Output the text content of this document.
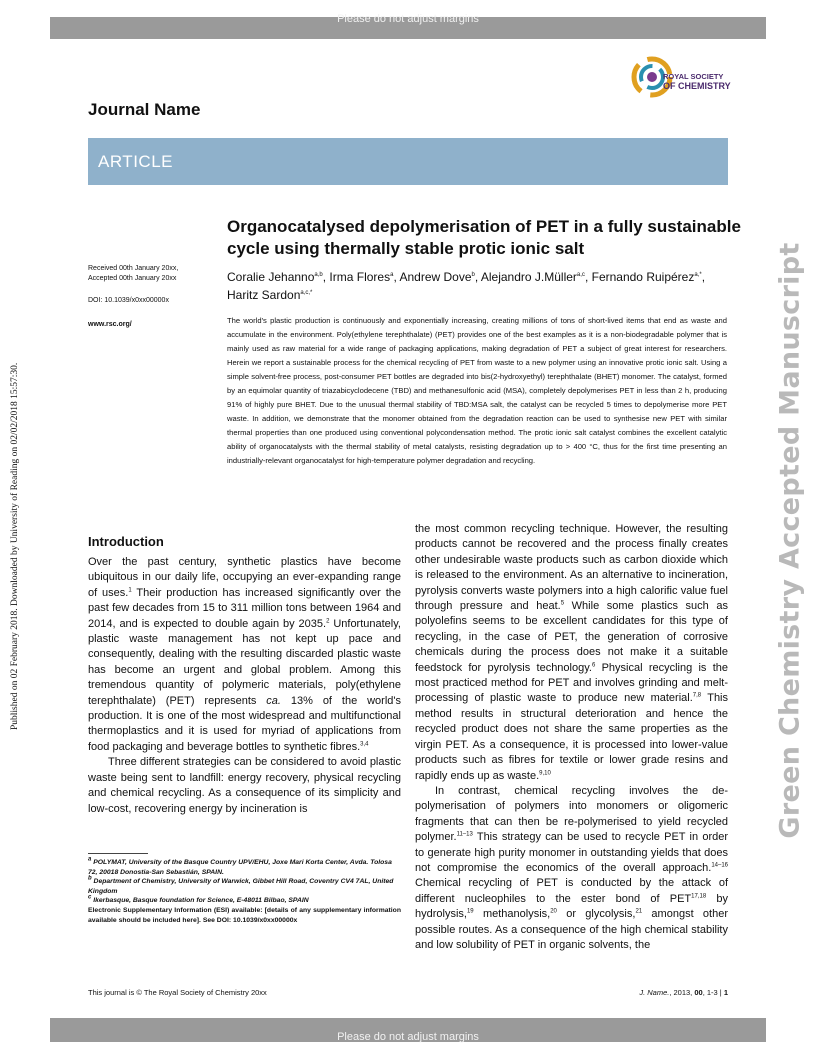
Please do not adjust margins
Published on 02 February 2018. Downloaded by University of Reading on 02/02/2018 15:57:30.	Green Chemistry Accepted Manuscript
ROYAL SOCIETY
OF CHEMISTRY
Journal Name
ARTICLE
Organocatalysed depolymerisation of PET in a fully sustainable cycle using thermally stable protic ionic salt
Received 00th January 20xx,
Accepted 00th January 20xx
DOI: 10.1039/x0xx00000x
www.rsc.org/
Coralie Jehanno$^{a,b}$, Irma Flores$^a$, Andrew Dove$^b$, Alejandro J.Müller$^{a,c}$, Fernando Ruipérez$^{a,*}$, Haritz Sardon$^{a,c,*}$
The world's plastic production is continuously and exponentially increasing, creating millions of tons of short-lived items that end as waste and accumulate in the environment. Poly(ethylene terephthalate) (PET) provides one of the best examples as it is a non-biodegradable polymer that is mainly used as raw material for a wide range of packaging applications, making degradation of PET a subject of great interest for researchers. Herein we report a sustainable process for the chemical recycling of PET from waste to a new polymer using an innovative protic ionic salt. Using a simple solvent-free process, post-consumer PET bottles are degraded into bis(2-hydroxyethyl) terephthalate (BHET) monomer. The catalyst, formed by an equimolar quantity of triazabicyclodecene (TBD) and methanesulfonic acid (MSA), completely depolymerises PET in less than 2 h, producing 91% of highly pure BHET. Due to the unusual thermal stability of TBD:MSA salt, the catalyst can be recycled 5 times to depolymerise more PET waste. In addition, we demonstrate that the monomer obtained from the degradation reaction can be used to synthesise new PET with similar thermal properties than one produced using conventional polycondensation method. The protic ionic salt catalyst combines the excellent catalytic ability of organocatalysts with the thermal stability of metal catalysts, resisting degradation up to > 400 °C, thus for the first time presenting an industrially-relevant organocatalyst for high-temperature polymer degradation and recycling.
Introduction

Over the past century, synthetic plastics have become ubiquitous in our daily life, occupying an ever-expanding range of uses.$^1$ Their production has increased significantly over the past few decades from 15 to 311 million tons between 1964 and 2014, and is expected to double again by 2035.$^2$ Unfortunately, plastic waste management has not kept up pace and consequently, dealing with the resulting discarded plastic waste has become an urgent and global problem. Among this tremendous quantity of polymeric materials, poly(ethylene terephthalate) (PET) represents ca. 13% of the world's production. It is one of the most widespread and multifunctional thermoplastics and it is used for myriad of applications from food packaging and beverage bottles to synthetic fibres.$^{3,4}$

Three different strategies can be considered to avoid plastic waste being sent to landfill: energy recovery, physical recycling and chemical recycling. As a consequence of its simplicity and low-cost, recovering energy by incineration is

the most common recycling technique. However, the resulting products cannot be recovered and the process finally creates other undesirable waste products such as carbon dioxide which is released to the environment. As an alternative to incineration, pyrolysis converts waste polymers into a high calorific value fuel through pressure and heat.$^5$ While some plastics such as polyolefins seems to be excellent candidates for this type of recycling, in the case of PET, the generation of corrosive chemicals during the process does not make it a suitable feedstock for pyrolysis technology.$^6$ Physical recycling is the most practiced method for PET and involves grinding and melt-processing of plastic waste to produce new material.$^{7,8}$ This method results in structural deterioration and hence the recycled product does not share the same properties as the virgin PET. As a consequence, it is processed into lower-value products such as fibres for textile or lower grade resins and rapidly ends up as waste.$^{9,10}$

In contrast, chemical recycling involves the de-polymerisation of polymers into monomers or oligomeric fragments that can then be re-polymerised to yield recycled polymer.$^{11-13}$ This strategy can be used to recycle PET in order to generate high purity monomer in outstanding yields that does not compromise the economics of the overall approach.$^{14-16}$ Chemical recycling of PET is conducted by the attack of different nucleophiles to the ester bond of PET$^{17,18}$ by hydrolysis,$^{19}$ methanolysis,$^{20}$ or glycolysis,$^{21}$ amongst other possible routes. As a consequence of the high chemical stability and low solubility of PET in organic solvents, the

$^a$ POLYMAT, University of the Basque Country UPV/EHU, Joxe Mari Korta Center, Avda. Tolosa 72, 20018 Donostia-San Sebastián, SPAIN.

$^b$ Department of Chemistry, University of Warwick, Gibbet Hill Road, Coventry CV4 7AL, United Kingdom

$^c$ Ikerbasque, Basque foundation for Science, E-48011 Bilbao, SPAIN

Electronic Supplementary Information (ESI) available: [details of any supplementary information available should be included here]. See DOI: 10.1039/x0xx00000x

This journal is © The Royal Society of Chemistry 20xx	J. Name., 2013, 00, 1-3 | 1
Please do not adjust margins
